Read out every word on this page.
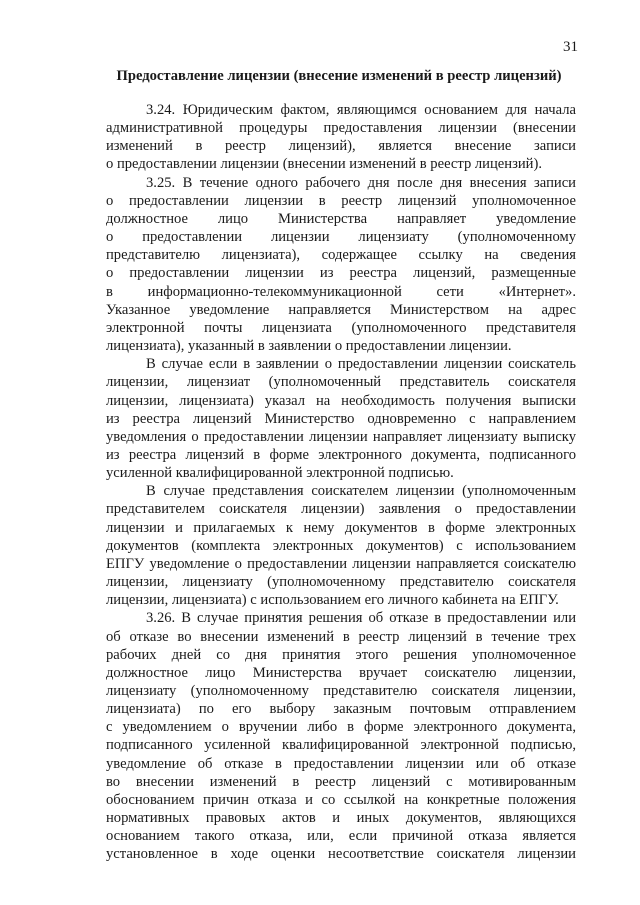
31
Предоставление лицензии (внесение изменений в реестр лицензий)
3.24. Юридическим фактом, являющимся основанием для начала
административной процедуры предоставления лицензии (внесении
изменений в реестр лицензий), является внесение записи
о предоставлении лицензии (внесении изменений в реестр лицензий).
3.25. В течение одного рабочего дня после дня внесения записи
о предоставлении лицензии в реестр лицензий уполномоченное
должностное лицо Министерства направляет уведомление
о предоставлении лицензии лицензиату (уполномоченному
представителю лицензиата), содержащее ссылку на сведения
о предоставлении лицензии из реестра лицензий, размещенные
в информационно-телекоммуникационной сети «Интернет».
Указанное уведомление направляется Министерством на адрес
электронной почты лицензиата (уполномоченного представителя
лицензиата), указанный в заявлении о предоставлении лицензии.
В случае если в заявлении о предоставлении лицензии соискатель
лицензии, лицензиат (уполномоченный представитель соискателя
лицензии, лицензиата) указал на необходимость получения выписки
из реестра лицензий Министерство одновременно с направлением
уведомления о предоставлении лицензии направляет лицензиату выписку
из реестра лицензий в форме электронного документа, подписанного
усиленной квалифицированной электронной подписью.
В случае представления соискателем лицензии (уполномоченным
представителем соискателя лицензии) заявления о предоставлении
лицензии и прилагаемых к нему документов в форме электронных
документов (комплекта электронных документов) с использованием
ЕПГУ уведомление о предоставлении лицензии направляется соискателю
лицензии, лицензиату (уполномоченному представителю соискателя
лицензии, лицензиата) с использованием его личного кабинета на ЕПГУ.
3.26. В случае принятия решения об отказе в предоставлении или
об отказе во внесении изменений в реестр лицензий в течение трех
рабочих дней со дня принятия этого решения уполномоченное
должностное лицо Министерства вручает соискателю лицензии,
лицензиату (уполномоченному представителю соискателя лицензии,
лицензиата) по его выбору заказным почтовым отправлением
с уведомлением о вручении либо в форме электронного документа,
подписанного усиленной квалифицированной электронной подписью,
уведомление об отказе в предоставлении лицензии или об отказе
во внесении изменений в реестр лицензий с мотивированным
обоснованием причин отказа и со ссылкой на конкретные положения
нормативных правовых актов и иных документов, являющихся
основанием такого отказа, или, если причиной отказа является
установленное в ходе оценки несоответствие соискателя лицензии
